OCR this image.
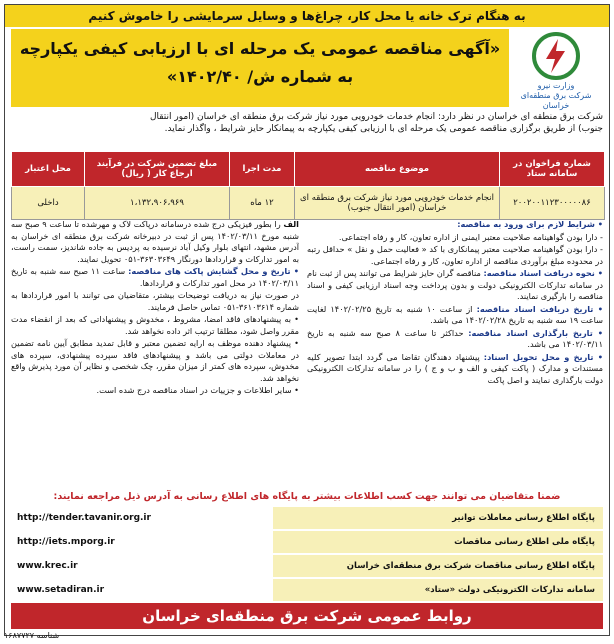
به هنگام ترک خانه یا محل کار، چراغ‌ها و وسایل سرمایشی را خاموش کنیم
«آگهی مناقصه عمومی یک مرحله ای با ارزیابی کیفی یکپارچه
به شماره ش/ ۱۴۰۲/۴۰»	وزارت نیرو
شرکت برق منطقه‌ای خراسان
شرکت برق منطقه ای خراسان در نظر دارد: انجام خدمات خودرویی مورد نیاز شرکت برق منطقه ای خراسان (امور انتقال
جنوب) از طریق برگزاری مناقصه عمومی یک مرحله ای با ارزیابی کیفی یکپارچه به پیمانکار حایز شرایط ، واگذار نماید.
شماره فراخوان در سامانه ستاد	موضوع مناقصه	مدت اجرا	مبلغ تضمین شرکت در فرآیند ارجاع کار ( ریال)	محل اعتبار
۲۰۰۲۰۰۱۱۲۳۰۰۰۰۰۸۶	انجام خدمات خودرویی مورد نیاز شرکت برق منطقه ای خراسان (امور انتقال جنوب)	۱۲ ماه	۱،۱۳۲،۹۰۶،۹۶۹	داخلی

• شرایط لازم برای ورود به مناقصه:

- دارا بودن گواهینامه صلاحیت معتبر ایمنی از اداره تعاون، کار و رفاه اجتماعی.

- دارا بودن گواهینامه صلاحیت معتبر پیمانکاری با کد « فعالیت حمل و نقل » حداقل رتبه در محدوده مبلغ برآوردی مناقصه از اداره تعاون، کار و رفاه اجتماعی.

• نحوه دریافت اسناد مناقصه: مناقصه گران حایز شرایط می توانند پس از ثبت نام در سامانه تدارکات الکترونیکی دولت و بدون پرداخت وجه اسناد ارزیابی کیفی و اسناد مناقصه را بارگیری نمایند.

• تاریخ دریافت اسناد مناقصه: از ساعت ۱۰ شنبه به تاریخ ۱۴۰۲/۰۲/۲۵ لغایت ساعت ۱۹ سه شنبه به تاریخ ۱۴۰۲/۰۲/۲۸ می باشد.

• تاریخ بارگذاری اسناد مناقصه: حداکثر تا ساعت ۸ صبح سه شنبه به تاریخ ۱۴۰۲/۰۳/۱۱ می باشد.

• تاریخ و محل تحویل اسناد: پیشنهاد دهندگان تقاضا می گردد ابتدا تصویر کلیه مستندات و مدارک ( پاکت کیفی و الف و ب و ج ) را در سامانه تدارکات الکترونیکی دولت بارگذاری نمایند و اصل پاکت

الف را بطور فیزیکی درج شده درسامانه درپاکت لاک و مهرشده تا ساعت ۹ صبح سه شنبه مورخ ۱۴۰۲/۰۳/۱۱ پس از ثبت در دبیرخانه شرکت برق منطقه ای خراسان به آدرس مشهد، انتهای بلوار وکیل آباد نرسیده به پردیس به جاده شاندیز، سمت راست، به امور تدارکات و قراردادها دورنگار ۳۶۳۰۳۶۴۹-۰۵۱ تحویل نمایند.

• تاریخ و محل گشایش پاکت های مناقصه: ساعت ۱۱ صبح سه شنبه به تاریخ ۱۴۰۲/۰۳/۱۱ در محل امور تدارکات و قراردادها.

در صورت نیاز به دریافت توضیحات بیشتر، متقاضیان می توانند با امور قراردادها به شماره ۳۶۱۰۳۶۱۴-۰۵۱ تماس حاصل فرمایند.

• به پیشنهادهای فاقد امضا، مشروط ، مخدوش و پیشنهاداتی که بعد از انقضاء مدت مقرر واصل شود، مطلقا ترتیب اثر داده نخواهد شد.

• پیشنهاد دهنده موظف به ارایه تضمین معتبر و قابل تمدید مطابق آیین نامه تضمین در معاملات دولتی می باشد و پیشنهادهای فاقد سپرده پیشنهادی، سپرده های مخدوش، سپرده های کمتر از میزان مقرر، چک شخصی و نظایر آن مورد پذیرش واقع نخواهد شد.

• سایر اطلاعات و جزییات در اسناد مناقصه درج شده است.

ضمنا متقاضیان می توانند جهت کسب اطلاعات بیشتر به پایگاه های اطلاع رسانی به آدرس ذیل مراجعه نمایند:
پایگاه اطلاع رسانی معاملات توانیر
http://tender.tavanir.org.ir
پایگاه ملی اطلاع رسانی مناقصات
http://iets.mporg.ir
پایگاه اطلاع رسانی مناقصات شرکت برق منطقه‌ای خراسان
www.krec.ir
سامانه تدارکات الکترونیکی دولت «ستاد»
www.setadiran.ir
روابط عمومی شرکت برق منطقه‌ای خراسان
شناسه ۱۶۸۷۷۲۷
